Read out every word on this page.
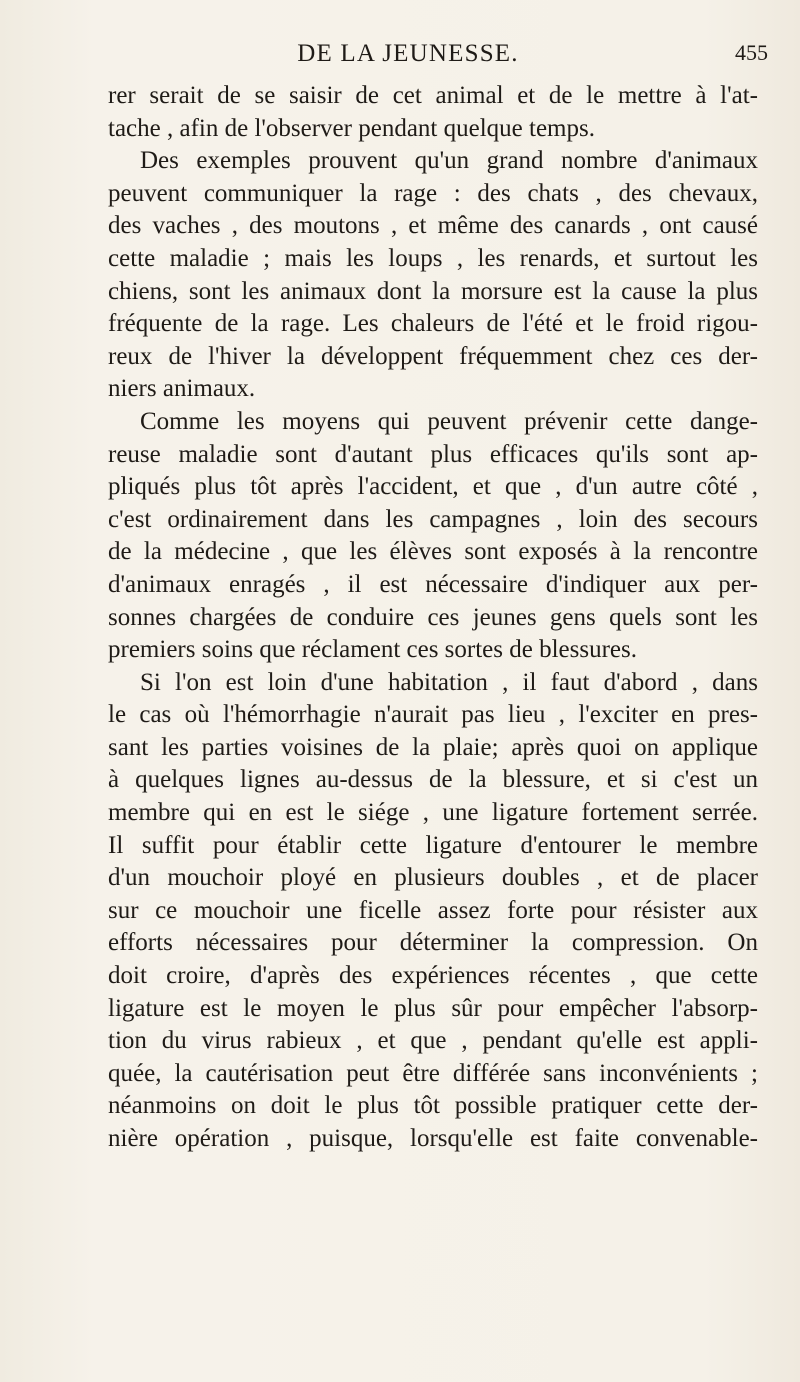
DE LA JEUNESSE.	455
rer serait de se saisir de cet animal et de le mettre à l'at-
tache , afin de l'observer pendant quelque temps.
Des exemples prouvent qu'un grand nombre d'animaux
peuvent communiquer la rage : des chats , des chevaux,
des vaches , des moutons , et même des canards , ont causé
cette maladie ; mais les loups , les renards, et surtout les
chiens, sont les animaux dont la morsure est la cause la plus
fréquente de la rage. Les chaleurs de l'été et le froid rigou-
reux de l'hiver la développent fréquemment chez ces der-
niers animaux.
Comme les moyens qui peuvent prévenir cette dange-
reuse maladie sont d'autant plus efficaces qu'ils sont ap-
pliqués plus tôt après l'accident, et que , d'un autre côté ,
c'est ordinairement dans les campagnes , loin des secours
de la médecine , que les élèves sont exposés à la rencontre
d'animaux enragés , il est nécessaire d'indiquer aux per-
sonnes chargées de conduire ces jeunes gens quels sont les
premiers soins que réclament ces sortes de blessures.
Si l'on est loin d'une habitation , il faut d'abord , dans
le cas où l'hémorrhagie n'aurait pas lieu , l'exciter en pres-
sant les parties voisines de la plaie; après quoi on applique
à quelques lignes au-dessus de la blessure, et si c'est un
membre qui en est le siége , une ligature fortement serrée.
Il suffit pour établir cette ligature d'entourer le membre
d'un mouchoir ployé en plusieurs doubles , et de placer
sur ce mouchoir une ficelle assez forte pour résister aux
efforts nécessaires pour déterminer la compression. On
doit croire, d'après des expériences récentes , que cette
ligature est le moyen le plus sûr pour empêcher l'absorp-
tion du virus rabieux , et que , pendant qu'elle est appli-
quée, la cautérisation peut être différée sans inconvénients ;
néanmoins on doit le plus tôt possible pratiquer cette der-
nière opération , puisque, lorsqu'elle est faite convenable-
